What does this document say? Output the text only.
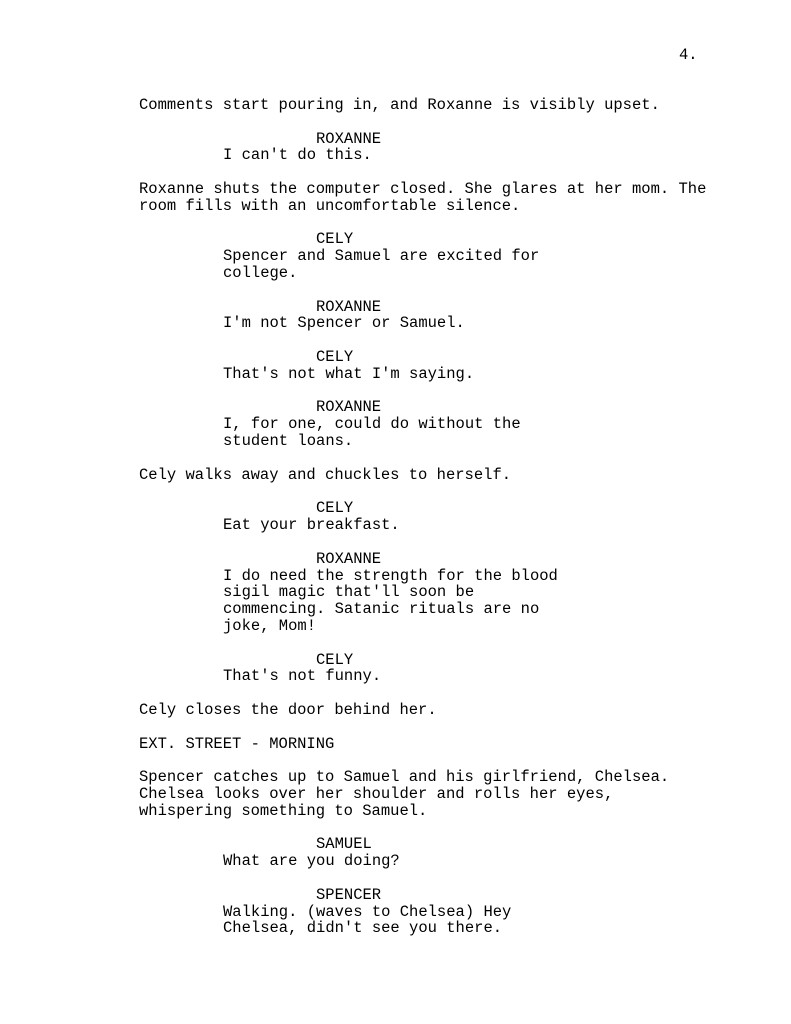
4.
Comments start pouring in, and Roxanne is visibly upset.
ROXANNE
I can't do this.
Roxanne shuts the computer closed. She glares at her mom. The
room fills with an uncomfortable silence.
CELY
Spencer and Samuel are excited for
college.
ROXANNE
I'm not Spencer or Samuel.
CELY
That's not what I'm saying.
ROXANNE
I, for one, could do without the
student loans.
Cely walks away and chuckles to herself.
CELY
Eat your breakfast.
ROXANNE
I do need the strength for the blood
sigil magic that'll soon be
commencing. Satanic rituals are no
joke, Mom!
CELY
That's not funny.
Cely closes the door behind her.
EXT. STREET - MORNING
Spencer catches up to Samuel and his girlfriend, Chelsea.
Chelsea looks over her shoulder and rolls her eyes,
whispering something to Samuel.
SAMUEL
What are you doing?
SPENCER
Walking. (waves to Chelsea) Hey
Chelsea, didn't see you there.
